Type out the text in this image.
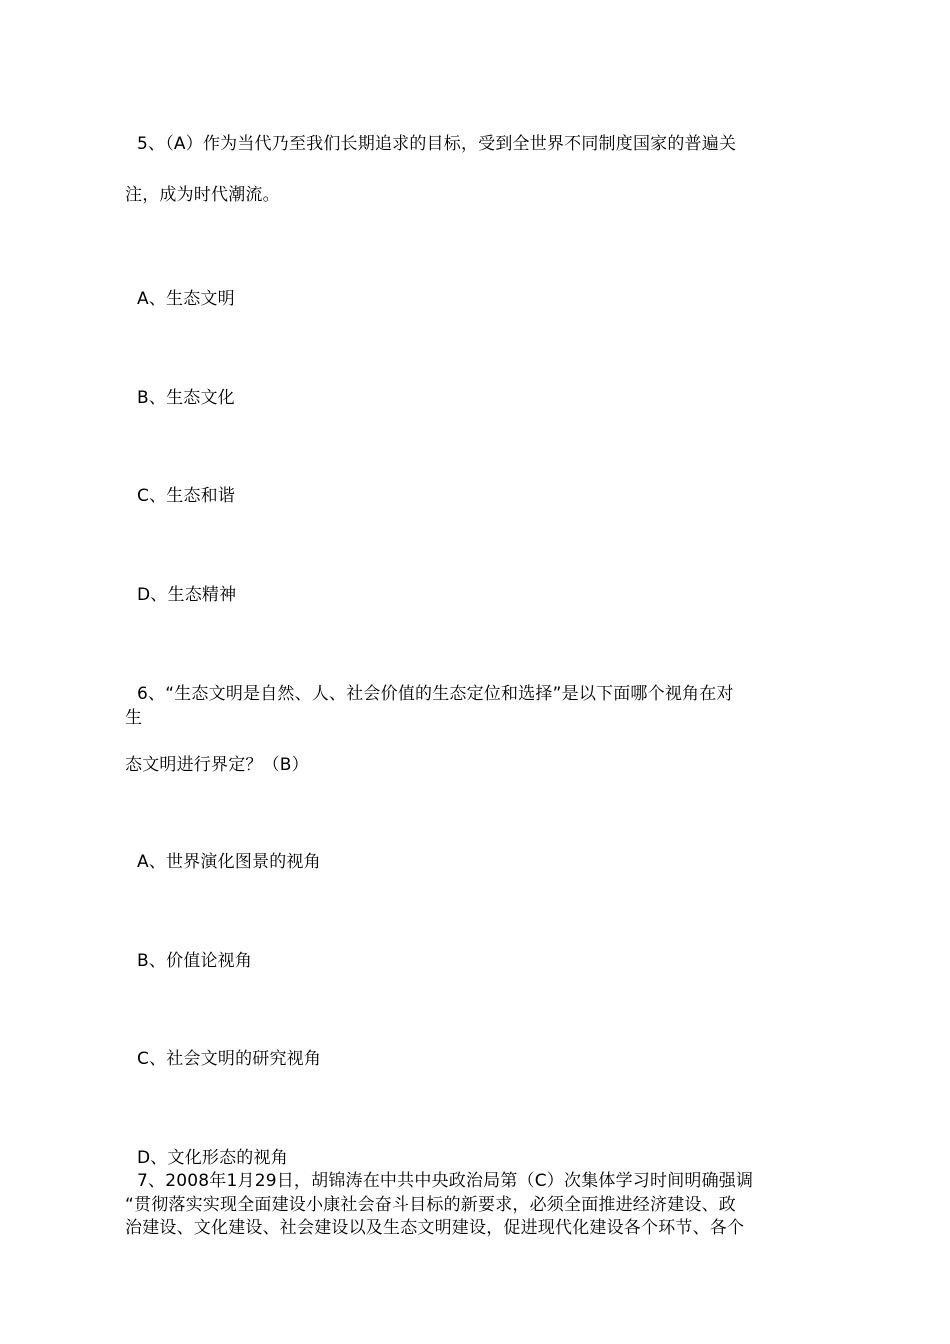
5、（A）作为当代乃至我们长期追求的目标，受到全世界不同制度国家的普遍关
注，成为时代潮流。
A、生态文明
B、生态文化
C、生态和谐
D、生态精神
6、“生态文明是自然、人、社会价值的生态定位和选择”是以下面哪个视角在对
生
态文明进行界定？（B）
A、世界演化图景的视角
B、价值论视角
C、社会文明的研究视角
D、文化形态的视角
7、2008年1月29日，胡锦涛在中共中央政治局第（C）次集体学习时间明确强调
“贯彻落实实现全面建设小康社会奋斗目标的新要求，必须全面推进经济建设、政
治建设、文化建设、社会建设以及生态文明建设，促进现代化建设各个环节、各个
